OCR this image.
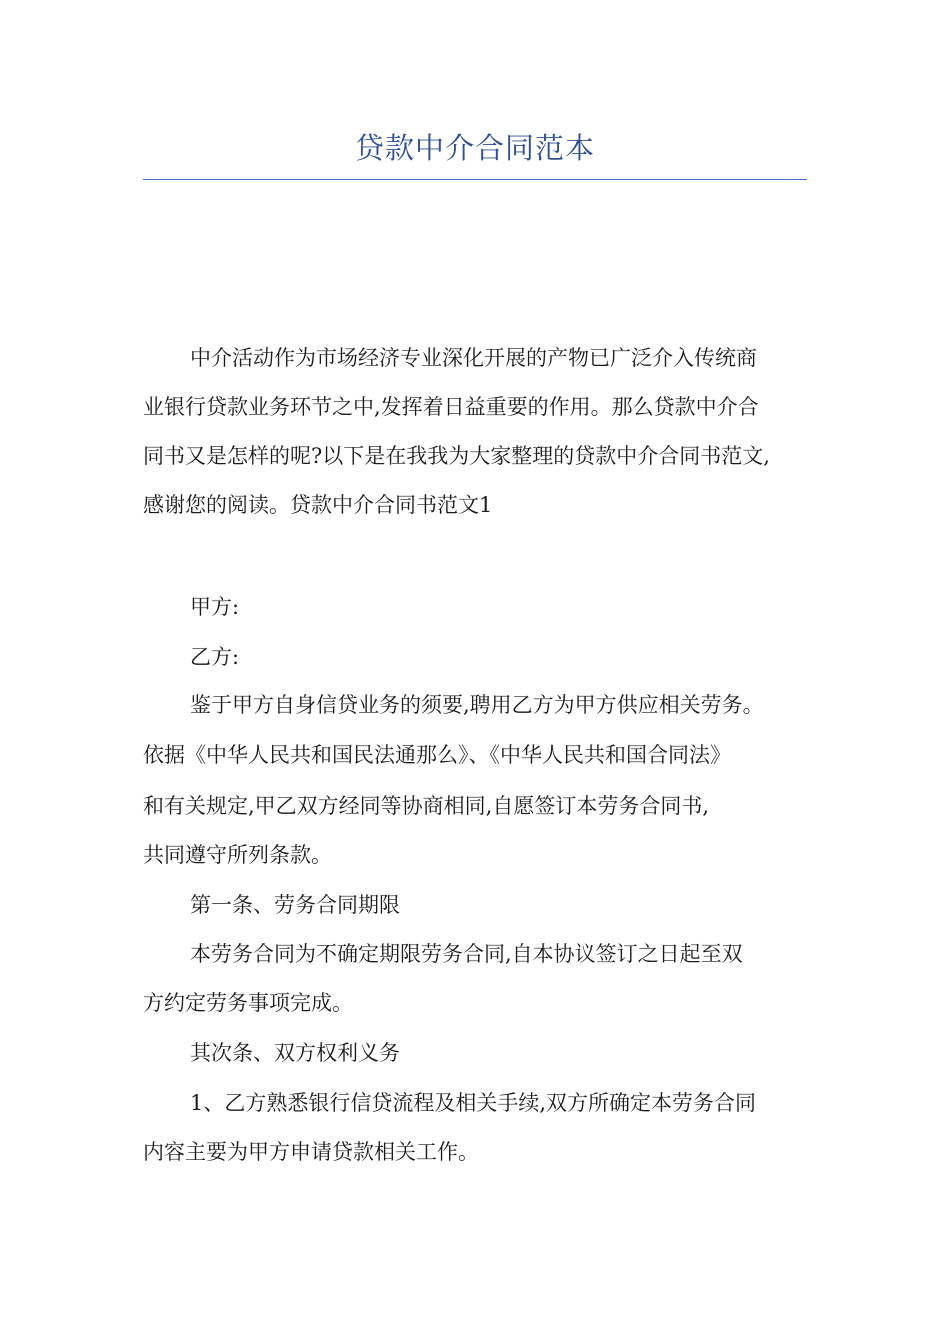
贷款中介合同范本
中介活动作为市场经济专业深化开展的产物已广泛介入传统商
业银行贷款业务环节之中,发挥着日益重要的作用。那么贷款中介合
同书又是怎样的呢?以下是在我我为大家整理的贷款中介合同书范文,
感谢您的阅读。贷款中介合同书范文1
甲方:
乙方:
鉴于甲方自身信贷业务的须要,聘用乙方为甲方供应相关劳务。
依据《中华人民共和国民法通那么》、《中华人民共和国合同法》
和有关规定,甲乙双方经同等协商相同,自愿签订本劳务合同书,
共同遵守所列条款。
第一条、劳务合同期限
本劳务合同为不确定期限劳务合同,自本协议签订之日起至双
方约定劳务事项完成。
其次条、双方权利义务
1、乙方熟悉银行信贷流程及相关手续,双方所确定本劳务合同
内容主要为甲方申请贷款相关工作。
